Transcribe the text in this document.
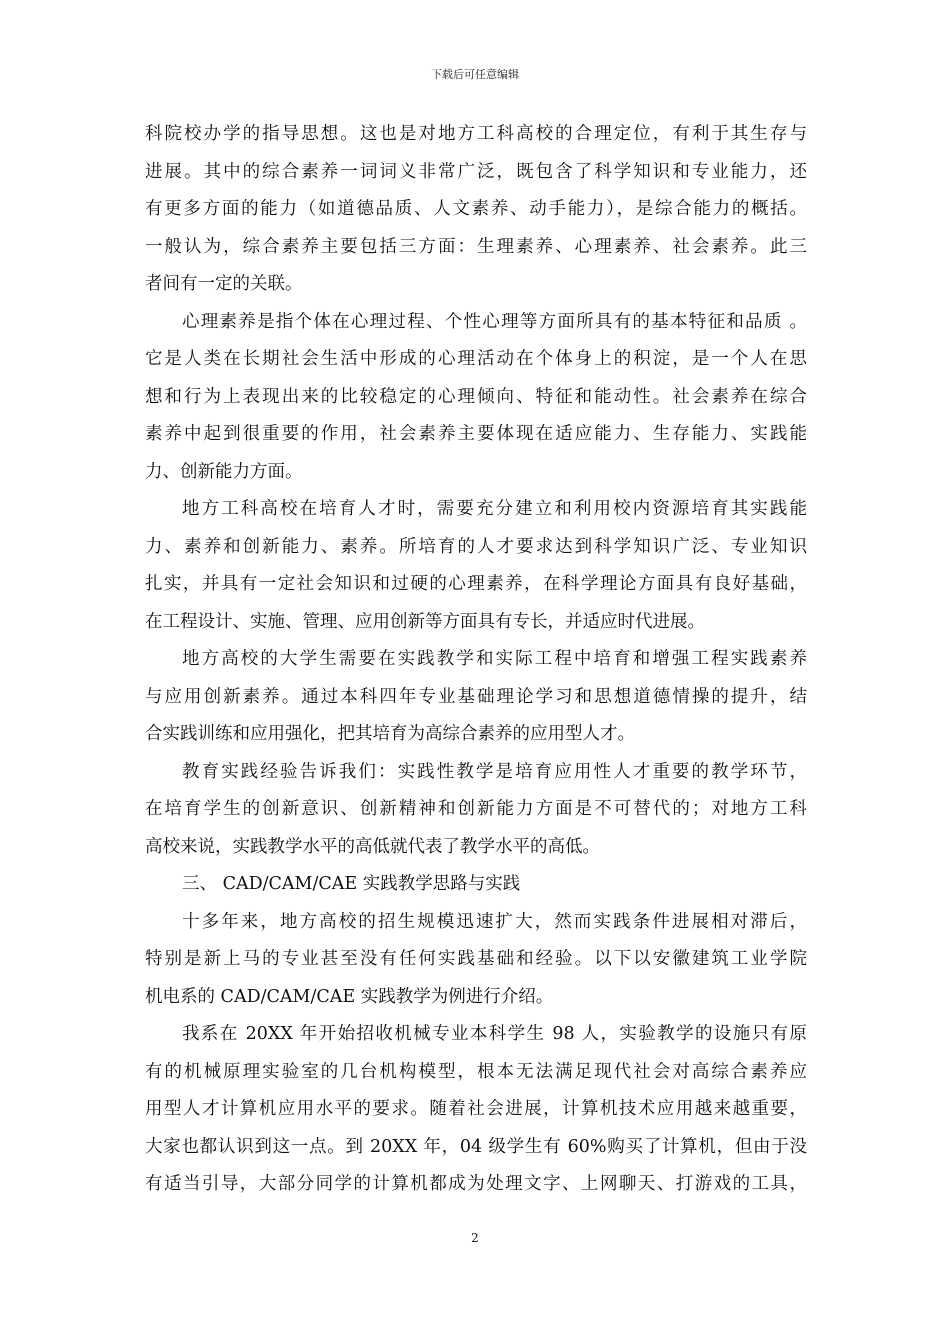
下载后可任意编辑
科院校办学的指导思想。这也是对地方工科高校的合理定位，有利于其生存与
进展。其中的综合素养一词词义非常广泛，既包含了科学知识和专业能力，还
有更多方面的能力（如道德品质、人文素养、动手能力），是综合能力的概括。
一般认为，综合素养主要包括三方面：生理素养、心理素养、社会素养。此三
者间有一定的关联。
心理素养是指个体在心理过程、个性心理等方面所具有的基本特征和品质 。
它是人类在长期社会生活中形成的心理活动在个体身上的积淀，是一个人在思
想和行为上表现出来的比较稳定的心理倾向、特征和能动性。社会素养在综合
素养中起到很重要的作用，社会素养主要体现在适应能力、生存能力、实践能
力、创新能力方面。
地方工科高校在培育人才时，需要充分建立和利用校内资源培育其实践能
力、素养和创新能力、素养。所培育的人才要求达到科学知识广泛、专业知识
扎实，并具有一定社会知识和过硬的心理素养，在科学理论方面具有良好基础，
在工程设计、实施、管理、应用创新等方面具有专长，并适应时代进展。
地方高校的大学生需要在实践教学和实际工程中培育和增强工程实践素养
与应用创新素养。通过本科四年专业基础理论学习和思想道德情操的提升，结
合实践训练和应用强化，把其培育为高综合素养的应用型人才。
教育实践经验告诉我们：实践性教学是培育应用性人才重要的教学环节，
在培育学生的创新意识、创新精神和创新能力方面是不可替代的；对地方工科
高校来说，实践教学水平的高低就代表了教学水平的高低。
三、 CAD/CAM/CAE 实践教学思路与实践
十多年来，地方高校的招生规模迅速扩大，然而实践条件进展相对滞后，
特别是新上马的专业甚至没有任何实践基础和经验。以下以安徽建筑工业学院
机电系的 CAD/CAM/CAE 实践教学为例进行介绍。
我系在 20XX 年开始招收机械专业本科学生 98 人，实验教学的设施只有原
有的机械原理实验室的几台机构模型，根本无法满足现代社会对高综合素养应
用型人才计算机应用水平的要求。随着社会进展，计算机技术应用越来越重要，
大家也都认识到这一点。到 20XX 年，04 级学生有 60%购买了计算机，但由于没
有适当引导，大部分同学的计算机都成为处理文字、上网聊天、打游戏的工具，
2
